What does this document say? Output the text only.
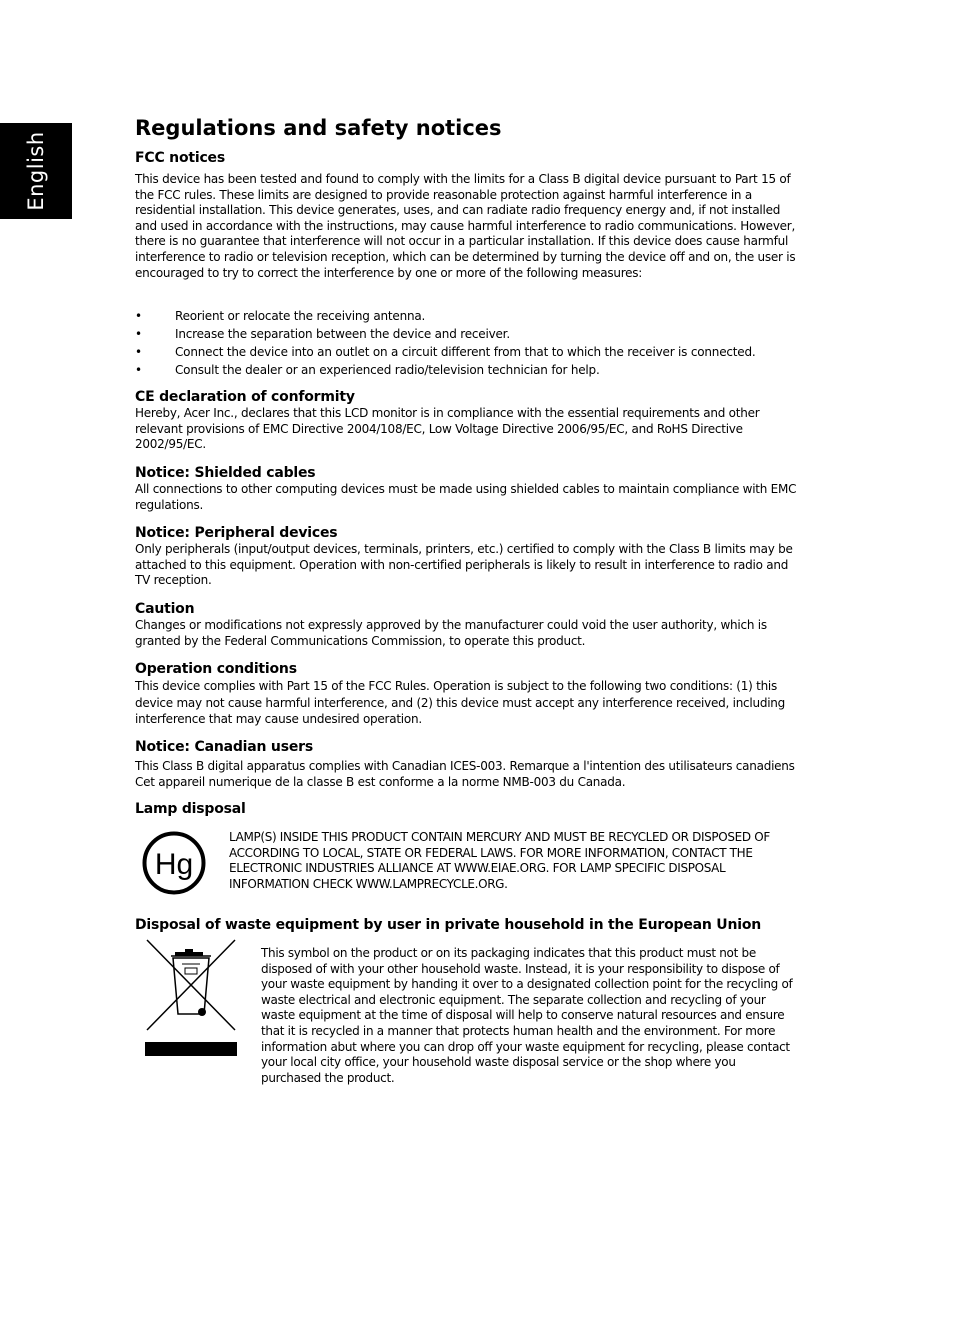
English
Regulations and safety notices
FCC notices

This device has been tested and found to comply with the limits for a Class B digital device pursuant to Part 15 of the FCC rules. These limits are designed to provide reasonable protection against harmful interference in a residential installation. This device generates, uses, and can radiate radio frequency energy and, if not installed and used in accordance with the instructions, may cause harmful interference to radio communications. However, there is no guarantee that interference will not occur in a particular installation. If this device does cause harmful interference to radio or television reception, which can be determined by turning the device off and on, the user is encouraged to try to correct the interference by one or more of the following measures:

•	Reorient or relocate the receiving antenna.
•	Increase the separation between the device and receiver.
•	Connect the device into an outlet on a circuit different from that to which the receiver is connected.
•	Consult the dealer or an experienced radio/television technician for help.
CE declaration of conformity

Hereby, Acer Inc., declares that this LCD monitor is in compliance with the essential requirements and other relevant provisions of EMC Directive 2004/108/EC, Low Voltage Directive 2006/95/EC, and RoHS Directive 2002/95/EC.

Notice: Shielded cables

All connections to other computing devices must be made using shielded cables to maintain compliance with EMC regulations.

Notice: Peripheral devices

Only peripherals (input/output devices, terminals, printers, etc.) certified to comply with the Class B limits may be attached to this equipment. Operation with non-certified peripherals is likely to result in interference to radio and TV reception.

Caution

Changes or modifications not expressly approved by the manufacturer could void the user authority, which is granted by the Federal Communications Commission, to operate this product.

Operation conditions

This device complies with Part 15 of the FCC Rules. Operation is subject to the following two conditions: (1) this device may not cause harmful interference, and (2) this device must accept any interference received, including interference that may cause undesired operation.

Notice: Canadian users

This Class B digital apparatus complies with Canadian ICES-003. Remarque a l'intention des utilisateurs canadiens Cet appareil numerique de la classe B est conforme a la norme NMB-003 du Canada.

Lamp disposal
Hg

LAMP(S) INSIDE THIS PRODUCT CONTAIN MERCURY AND MUST BE RECYCLED OR DISPOSED OF ACCORDING TO LOCAL, STATE OR FEDERAL LAWS. FOR MORE INFORMATION, CONTACT THE ELECTRONIC INDUSTRIES ALLIANCE AT WWW.EIAE.ORG. FOR LAMP SPECIFIC DISPOSAL INFORMATION CHECK WWW.LAMPRECYCLE.ORG.

Disposal of waste equipment by user in private household in the European Union

This symbol on the product or on its packaging indicates that this product must not be disposed of with your other household waste. Instead, it is your responsibility to dispose of your waste equipment by handing it over to a designated collection point for the recycling of waste electrical and electronic equipment. The separate collection and recycling of your waste equipment at the time of disposal will help to conserve natural resources and ensure that it is recycled in a manner that protects human health and the environment. For more information abut where you can drop off your waste equipment for recycling, please contact your local city office, your household waste disposal service or the shop where you purchased the product.
